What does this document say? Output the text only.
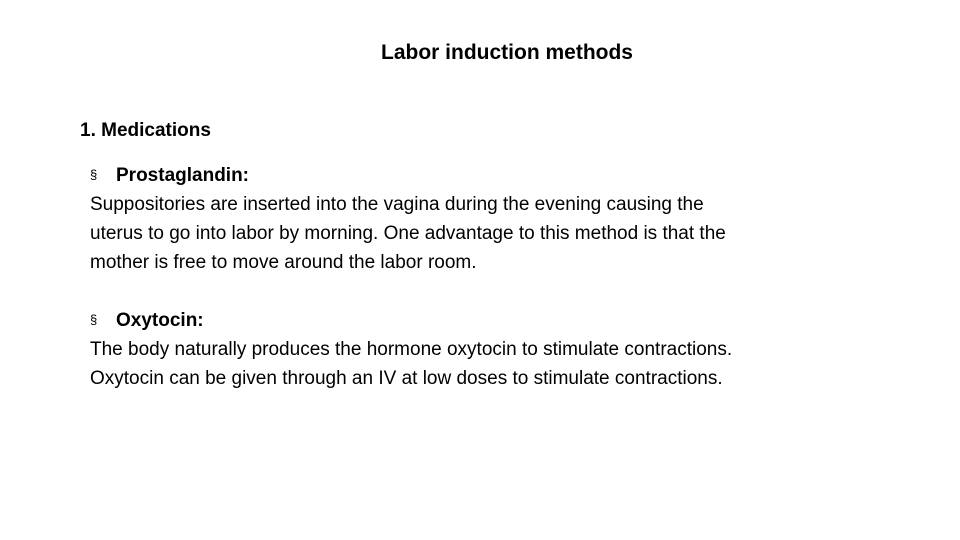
Labor induction methods
1. Medications
§ Prostaglandin:
Suppositories are inserted into the vagina during the evening causing the
uterus to go into labor by morning. One advantage to this method is that the
mother is free to move around the labor room.
§ Oxytocin:
The body naturally produces the hormone oxytocin to stimulate contractions.
Oxytocin can be given through an IV at low doses to stimulate contractions.
